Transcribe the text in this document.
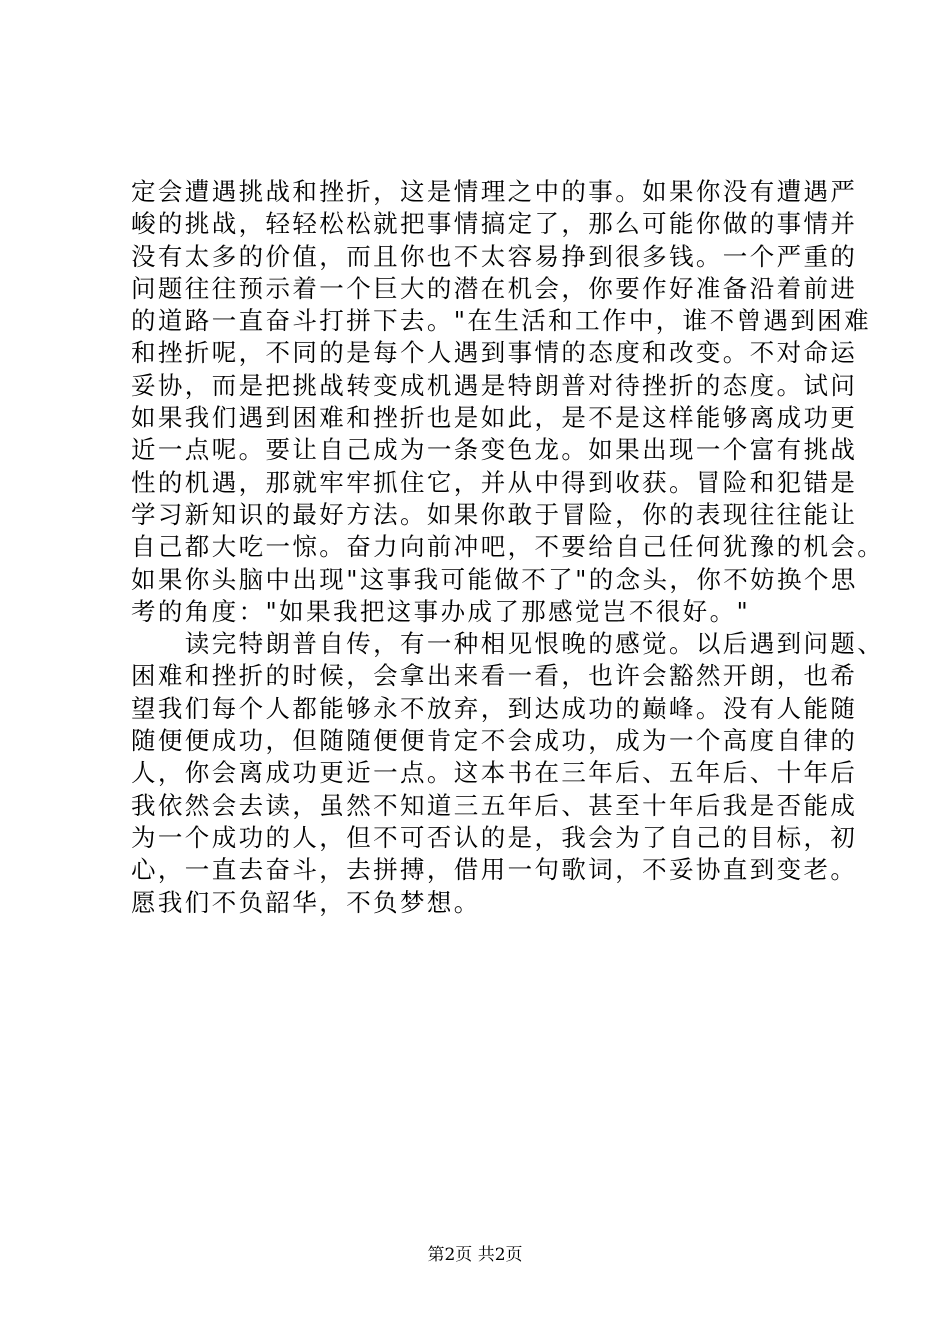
定会遭遇挑战和挫折，这是情理之中的事。如果你没有遭遇严
峻的挑战，轻轻松松就把事情搞定了，那么可能你做的事情并
没有太多的价值，而且你也不太容易挣到很多钱。一个严重的
问题往往预示着一个巨大的潜在机会，你要作好准备沿着前进
的道路一直奋斗打拼下去。"在生活和工作中，谁不曾遇到困难
和挫折呢，不同的是每个人遇到事情的态度和改变。不对命运
妥协，而是把挑战转变成机遇是特朗普对待挫折的态度。试问
如果我们遇到困难和挫折也是如此，是不是这样能够离成功更
近一点呢。要让自己成为一条变色龙。如果出现一个富有挑战
性的机遇，那就牢牢抓住它，并从中得到收获。冒险和犯错是
学习新知识的最好方法。如果你敢于冒险，你的表现往往能让
自己都大吃一惊。奋力向前冲吧，不要给自己任何犹豫的机会。
如果你头脑中出现"这事我可能做不了"的念头，你不妨换个思
考的角度："如果我把这事办成了那感觉岂不很好。"
　　读完特朗普自传，有一种相见恨晚的感觉。以后遇到问题、
困难和挫折的时候，会拿出来看一看，也许会豁然开朗，也希
望我们每个人都能够永不放弃，到达成功的巅峰。没有人能随
随便便成功，但随随便便肯定不会成功，成为一个高度自律的
人，你会离成功更近一点。这本书在三年后、五年后、十年后
我依然会去读，虽然不知道三五年后、甚至十年后我是否能成
为一个成功的人，但不可否认的是，我会为了自己的目标，初
心，一直去奋斗，去拼搏，借用一句歌词，不妥协直到变老。
愿我们不负韶华，不负梦想。
第2页 共2页
